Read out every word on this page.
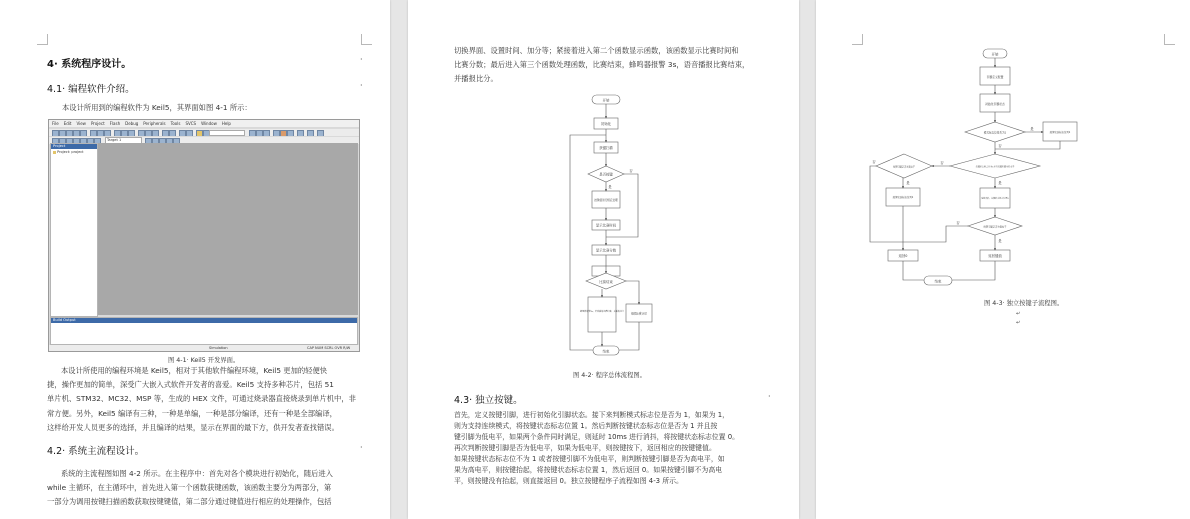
4· 系统程序设计。	·
4.1· 编程软件介绍。	·
本设计所用到的编程软件为 Keil5，其界面如图 4-1 所示：
File Edit View Project Flash Debug Peripherals Tools SVCS Window Help
Target 1
Project
Project: project
Build Output
Simulation	CAP NUM SCRL OVR R/W
图 4-1· Keil5 开发界面。
本设计所使用的编程环境是 Keil5，相对于其他软件编程环境，Keil5 更加的轻便快
捷，操作更加的简单，深受广大嵌入式软件开发者的喜爱。Keil5 支持多种芯片，包括 51
单片机、STM32、MC32、MSP 等，生成的 HEX 文件，可通过烧录器直接烧录到单片机中，非
常方便。另外，Keil5 编译有三种，一种是单编，一种是部分编译，还有一种是全部编译，
这样给开发人员更多的选择，并且编译的结果，显示在界面的最下方，供开发者查找错误。
4.2· 系统主流程设计。	·
系统的主流程图如图 4-2 所示。在主程序中：首先对各个模块进行初始化，随后进入
while 主循环，在主循环中，首先进入第一个函数获键函数，该函数主要分为两部分，第
一部分为调用按键扫描函数获取按键键值，第二部分通过键值进行相应的处理操作，包括
切换界面、设置时间、加分等；紧接着进入第二个函数显示函数，该函数显示比赛时间和
比赛分数；最后进入第三个函数处理函数，比赛结束，蜂鸣器报警 3s，语音播报比赛结束，
并播报比分。
开始
初始化
获键扫描
是否按键
是
否
按键值进行相应处理
显示比赛时间
显示比赛分数
比赛结束
蜂鸣器报警3s，语音播报比赛结束，并播报比分
继续比赛计时
结束
图 4-2· 程序总体流程图。
4.3· 独立按键。	·
首先，定义按键引脚，进行初始化引脚状态。接下来判断模式标志位是否为 1，如果为 1，
则为支持连续模式，将按键状态标志位置 1。然后判断按键状态标志位是否为 1 并且按
键引脚为低电平，如果两个条件同时满足，则延时 10ms 进行消抖，将按键状态标志位置 0。
再次判断按键引脚是否为低电平，如果为低电平，则按键按下，返回相应的按键键值。
如果按键状态标志位不为 1 或者按键引脚不为低电平，则判断按键引脚是否为高电平，如
果为高电平，则按键抬起，将按键状态标志位置 1，然后返回 0。如果按键引脚不为高电
平，则按键没有抬起，则直接返回 0。独立按键程序子流程如图 4-3 所示。
开始
引脚定义配置
初始化引脚状态
模式标志位是否为1	按键状态标志位置1
按键状态标志位为1并且按键引脚为低电平
按键引脚是否为高电平
按键状态标志位置1	延时消抖，按键状态标志位置0
按键引脚是否为低电平
返回0	返回键值
结束
是
否
否
是
否
是
是
否
图 4-3· 独立按键子流程图。
↵
↵
